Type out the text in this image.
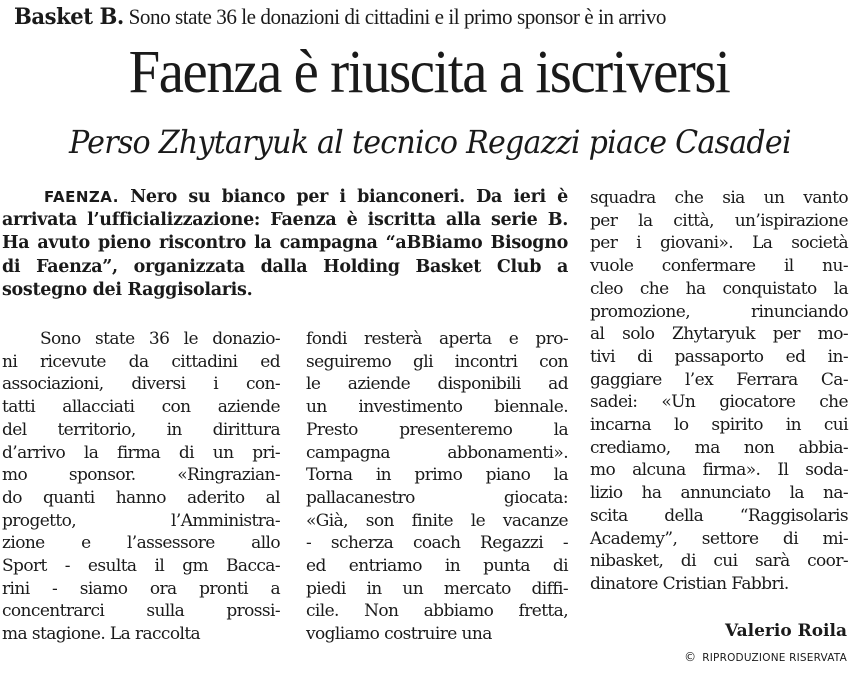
Basket B. Sono state 36 le donazioni di cittadini e il primo sponsor è in arrivo
Faenza è riuscita a iscriversi
Perso Zhytaryuk al tecnico Regazzi piace Casadei
FAENZA. Nero su bianco per i bianconeri. Da ieri è arrivata l’ufficializzazione: Faenza è iscritta alla serie B. Ha avuto pieno riscontro la campagna “aBBiamo Bisogno di Faenza”, organizzata dalla Holding Basket Club a sostegno dei Raggisolaris.
Sono state 36 le donazio-
ni ricevute da cittadini ed
associazioni, diversi i con-
tatti allacciati con aziende
del territorio, in dirittura
d’arrivo la firma di un pri-
mo sponsor. «Ringrazian-
do quanti hanno aderito al
progetto, l’Amministra-
zione e l’assessore allo
Sport - esulta il gm Bacca-
rini - siamo ora pronti a
concentrarci sulla prossi-
ma stagione. La raccolta
fondi resterà aperta e pro-
seguiremo gli incontri con
le aziende disponibili ad
un investimento biennale.
Presto presenteremo la
campagna abbonamenti».
Torna in primo piano la
pallacanestro giocata:
«Già, son finite le vacanze
- scherza coach Regazzi -
ed entriamo in punta di
piedi in un mercato diffi-
cile. Non abbiamo fretta,
vogliamo costruire una
squadra che sia un vanto
per la città, un’ispirazione
per i giovani». La società
vuole confermare il nu-
cleo che ha conquistato la
promozione, rinunciando
al solo Zhytaryuk per mo-
tivi di passaporto ed in-
gaggiare l’ex Ferrara Ca-
sadei: «Un giocatore che
incarna lo spirito in cui
crediamo, ma non abbia-
mo alcuna firma». Il soda-
lizio ha annunciato la na-
scita della “Raggisolaris
Academy”, settore di mi-
nibasket, di cui sarà coor-
dinatore Cristian Fabbri.
Valerio Roila
© RIPRODUZIONE RISERVATA
